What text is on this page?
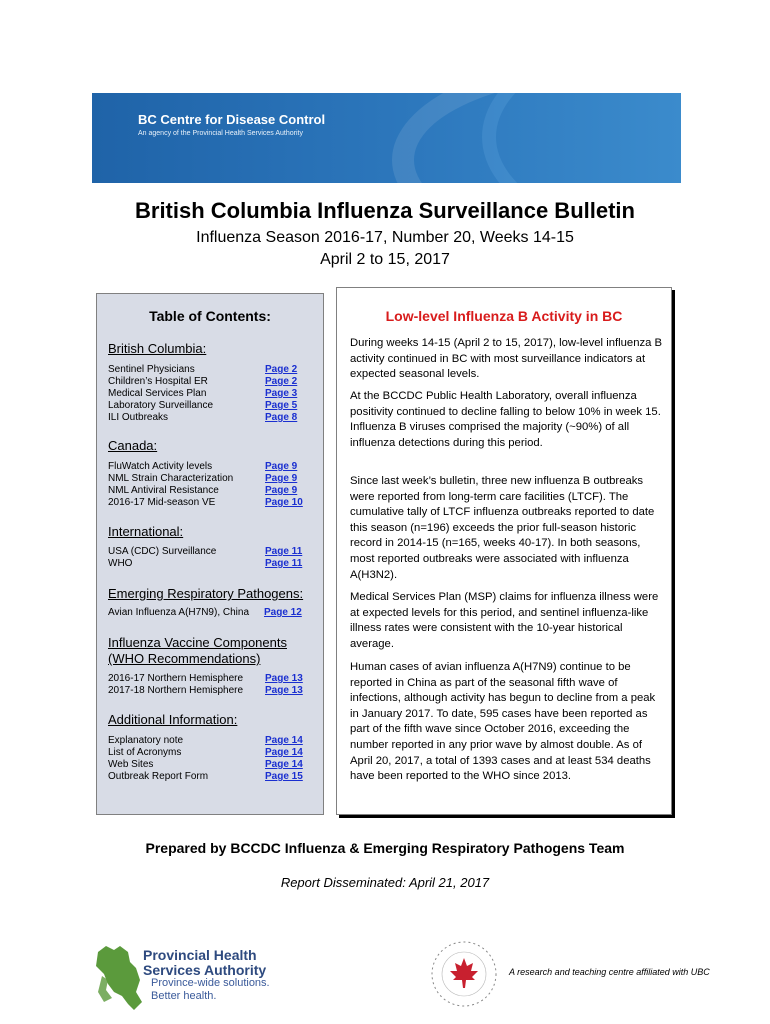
BC Centre for Disease Control
An agency of the Provincial Health Services Authority
British Columbia Influenza Surveillance Bulletin
Influenza Season 2016-17, Number 20, Weeks 14-15
April 2 to 15, 2017
Table of Contents:
British Columbia:
Sentinel Physicians	Page 2
Children’s Hospital ER	Page 2
Medical Services Plan	Page 3
Laboratory Surveillance	Page 5
ILI Outbreaks	Page 8
Canada:
FluWatch Activity levels	Page 9
NML Strain Characterization	Page 9
NML Antiviral Resistance	Page 9
2016-17 Mid-season VE	Page 10
International:
USA (CDC) Surveillance	Page 11
WHO	Page 11
Emerging Respiratory Pathogens:
Avian Influenza A(H7N9), China Page 12
Influenza Vaccine Components
(WHO Recommendations)
2016-17 Northern Hemisphere Page 13
2017-18 Northern Hemisphere Page 13
Additional Information:
Explanatory note	Page 14
List of Acronyms	Page 14
Web Sites	Page 14
Outbreak Report Form	Page 15
Low-level Influenza B Activity in BC
During weeks 14-15 (April 2 to 15, 2017), low-level influenza B activity continued in BC with most surveillance indicators at expected seasonal levels.
At the BCCDC Public Health Laboratory, overall influenza positivity continued to decline falling to below 10% in week 15. Influenza B viruses comprised the majority (~90%) of all influenza detections during this period.
Since last week’s bulletin, three new influenza B outbreaks were reported from long-term care facilities (LTCF). The cumulative tally of LTCF influenza outbreaks reported to date this season (n=196) exceeds the prior full-season historic record in 2014-15 (n=165, weeks 40-17). In both seasons, most reported outbreaks were associated with influenza A(H3N2).
Medical Services Plan (MSP) claims for influenza illness were at expected levels for this period, and sentinel influenza-like illness rates were consistent with the 10-year historical average.
Human cases of avian influenza A(H7N9) continue to be reported in China as part of the seasonal fifth wave of infections, although activity has begun to decline from a peak in January 2017. To date, 595 cases have been reported as part of the fifth wave since October 2016, exceeding the number reported in any prior wave by almost double. As of April 20, 2017, a total of 1393 cases and at least 534 deaths have been reported to the WHO since 2013.
Prepared by BCCDC Influenza & Emerging Respiratory Pathogens Team
Report Disseminated: April 21, 2017
Provincial Health
Services Authority
Province-wide solutions.
Better health.
A research and teaching centre affiliated with UBC
